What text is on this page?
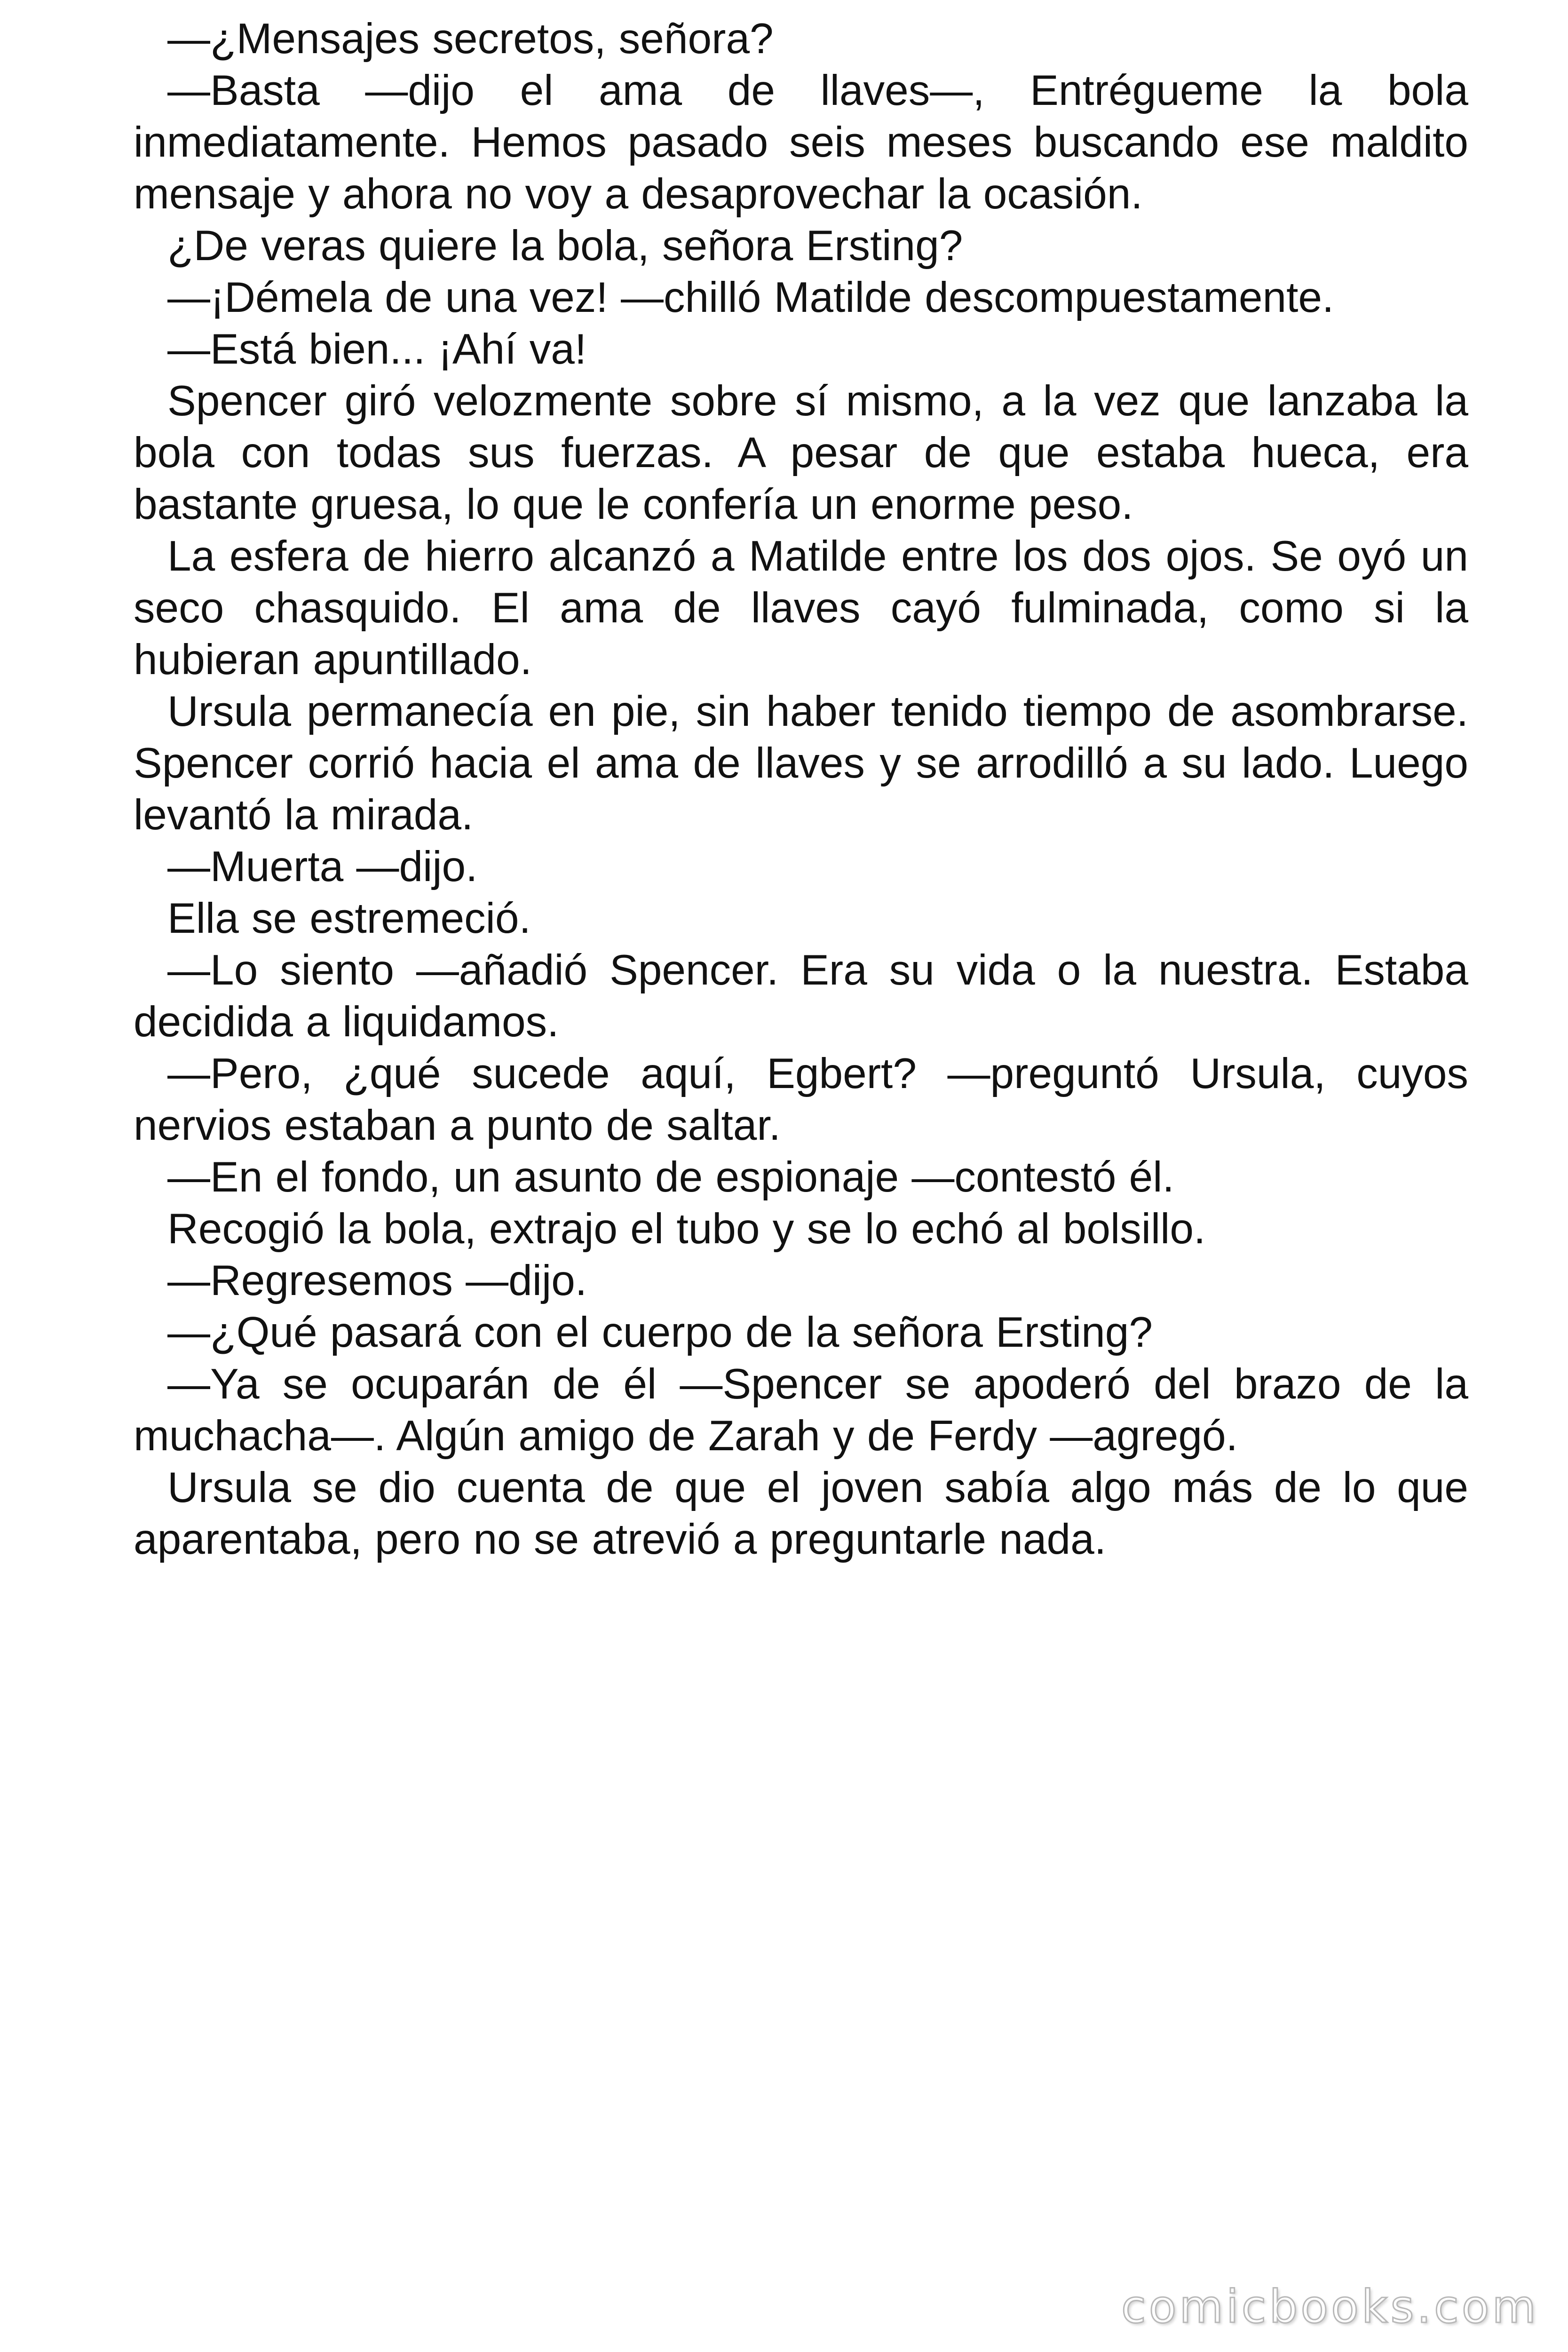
—¿Mensajes secretos, señora?

—Basta —dijo el ama de llaves—, Entrégueme la bola inmediatamente. Hemos pasado seis meses buscando ese maldito mensaje y ahora no voy a desaprovechar la ocasión.

¿De veras quiere la bola, señora Ersting?

—¡Démela de una vez! —chilló Matilde descompuestamente.

—Está bien... ¡Ahí va!

Spencer giró velozmente sobre sí mismo, a la vez que lanzaba la bola con todas sus fuerzas. A pesar de que estaba hueca, era bastante gruesa, lo que le confería un enorme peso.

La esfera de hierro alcanzó a Matilde entre los dos ojos. Se oyó un seco chasquido. El ama de llaves cayó fulminada, como si la hubieran apuntillado.

Ursula permanecía en pie, sin haber tenido tiempo de asombrarse. Spencer corrió hacia el ama de llaves y se arrodilló a su lado. Luego levantó la mirada.

—Muerta —dijo.

Ella se estremeció.

—Lo siento —añadió Spencer. Era su vida o la nuestra. Estaba decidida a liquidamos.

—Pero, ¿qué sucede aquí, Egbert? —preguntó Ursula, cuyos nervios estaban a punto de saltar.

—En el fondo, un asunto de espionaje —contestó él.

Recogió la bola, extrajo el tubo y se lo echó al bolsillo.

—Regresemos —dijo.

—¿Qué pasará con el cuerpo de la señora Ersting?

—Ya se ocuparán de él —Spencer se apoderó del brazo de la muchacha—. Algún amigo de Zarah y de Ferdy —agregó.

Ursula se dio cuenta de que el joven sabía algo más de lo que aparentaba, pero no se atrevió a preguntarle nada.

comicbooks.com
